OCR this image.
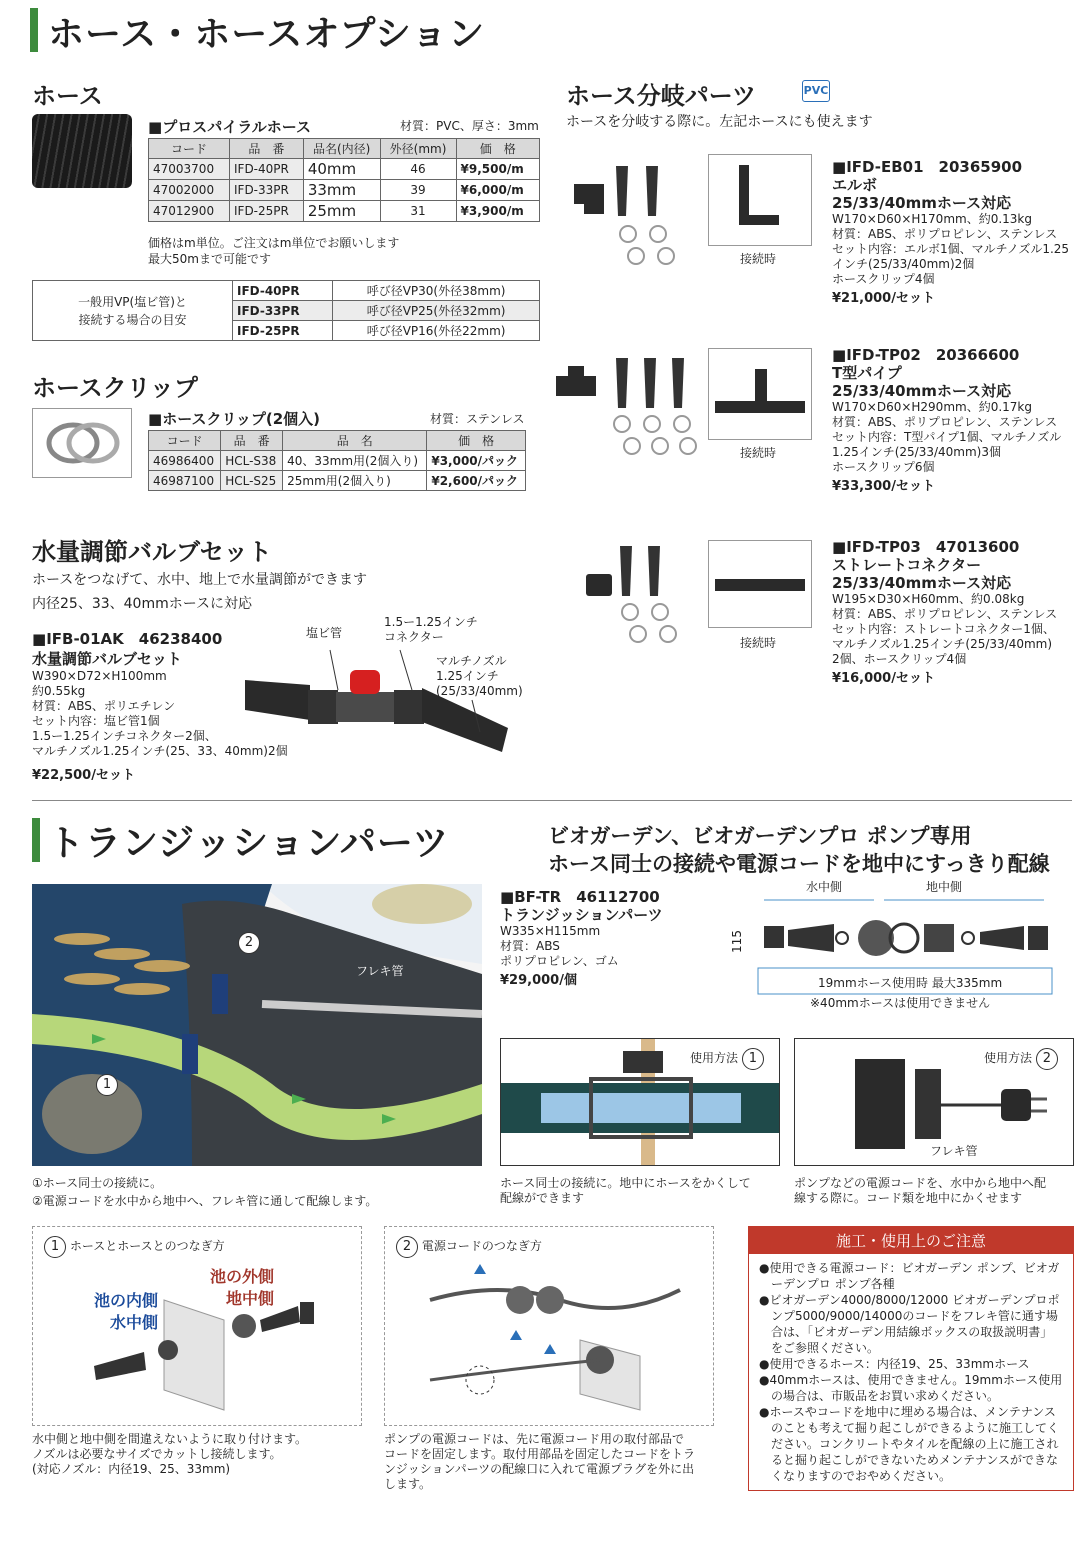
ホース・ホースオプション
ホース
■ プロスパイラルホース	材質：PVC、厚さ：3mm
コード	品　番	品名(内径)	外径(mm)	価　格
47003700	IFD-40PR	40mm	46	¥9,500/m
47002000	IFD-33PR	33mm	39	¥6,000/m
47012900	IFD-25PR	25mm	31	¥3,900/m
価格はm単位。ご注文はm単位でお願いします
最大50mまで可能です
一般用VP(塩ビ管)と
接続する場合の目安	IFD-40PR	呼び径VP30(外径38mm)
	IFD-33PR	呼び径VP25(外径32mm)
	IFD-25PR	呼び径VP16(外径22mm)
ホースクリップ
■ ホースクリップ(2個入)	材質：ステンレス
コード	品　番	品　名	価　格
46986400	HCL-S38	40、33mm用(2個入り)	¥3,000/パック
46987100	HCL-S25	25mm用(2個入り)	¥2,600/パック
水量調節バルブセット
ホースをつなげて、水中、地上で水量調節ができます
内径25、33、40mmホースに対応
■ IFB-01AK　46238400
水量調節バルブセット
W390×D72×H100mm
約0.55kg
材質：ABS、ポリエチレン
セット内容：塩ビ管1個
1.5ー1.25インチコネクター2個、
マルチノズル1.25インチ(25、33、40mm)2個
¥22,500/セット
塩ビ管
1.5ー1.25インチ
コネクター
マルチノズル
1.25インチ
(25/33/40mm)
ホース分岐パーツ	PVC
ホースを分岐する際に。左記ホースにも使えます
接続時
■ IFD-EB01　20365900
エルボ
25/33/40mmホース対応
W170×D60×H170mm、約0.13kg
材質：ABS、ポリプロピレン、ステンレス
セット内容：エルボ1個、マルチノズル1.25
インチ(25/33/40mm)2個
ホースクリップ4個
¥21,000/セット
接続時
■ IFD-TP02　20366600
T型パイプ
25/33/40mmホース対応
W170×D60×H290mm、約0.17kg
材質：ABS、ポリプロピレン、ステンレス
セット内容：T型パイプ1個、マルチノズル
1.25インチ(25/33/40mm)3個
ホースクリップ6個
¥33,300/セット
接続時
■ IFD-TP03　47013600
ストレートコネクター
25/33/40mmホース対応
W195×D30×H60mm、約0.08kg
材質：ABS、ポリプロピレン、ステンレス
セット内容：ストレートコネクター1個、
マルチノズル1.25インチ(25/33/40mm)
2個、ホースクリップ4個
¥16,000/セット
トランジッションパーツ	ビオガーデン、ビオガーデンプロ ポンプ専用
ホース同士の接続や電源コードを地中にすっきり配線
2
1
フレキ管
①ホース同士の接続に。
②電源コードを水中から地中へ、フレキ管に通して配線します。
■ BF-TR　46112700
トランジッションパーツ
W335×H115mm
材質：ABS
ポリプロピレン、ゴム
¥29,000/個
水中側	地中側
115
19mmホース使用時 最大335mm
※40mmホースは使用できません
使用方法 1
ホース同士の接続に。地中にホースをかくして
配線ができます
使用方法 2
フレキ管
ポンプなどの電源コードを、水中から地中へ配
線する際に。コード類を地中にかくせます
1 ホースとホースとのつなぎ方
池の内側
水中側
池の外側
地中側
水中側と地中側を間違えないように取り付けます。
ノズルは必要なサイズでカットし接続します。
(対応ノズル：内径19、25、33mm)
2 電源コードのつなぎ方
ポンプの電源コードは、先に電源コード用の取付部品で
コードを固定します。取付用部品を固定したコードをトラ
ンジッションパーツの配線口に入れて電源プラグを外に出
します。
施工・使用上のご注意
●使用できる電源コード：ビオガーデン ポンプ、ビオガーデンプロ ポンプ各種
●ビオガーデン4000/8000/12000 ビオガーデンプロポンプ5000/9000/14000のコードをフレキ管に通す場合は、「ビオガーデン用結線ボックスの取扱説明書」をご参照ください。
●使用できるホース：内径19、25、33mmホース
●40mmホースは、使用できません。19mmホース使用の場合は、市販品をお買い求めください。
●ホースやコードを地中に埋める場合は、メンテナンスのことも考えて掘り起こしができるように施工してください。コンクリートやタイルを配線の上に施工されると掘り起こしができないためメンテナンスができなくなりますのでおやめください。
